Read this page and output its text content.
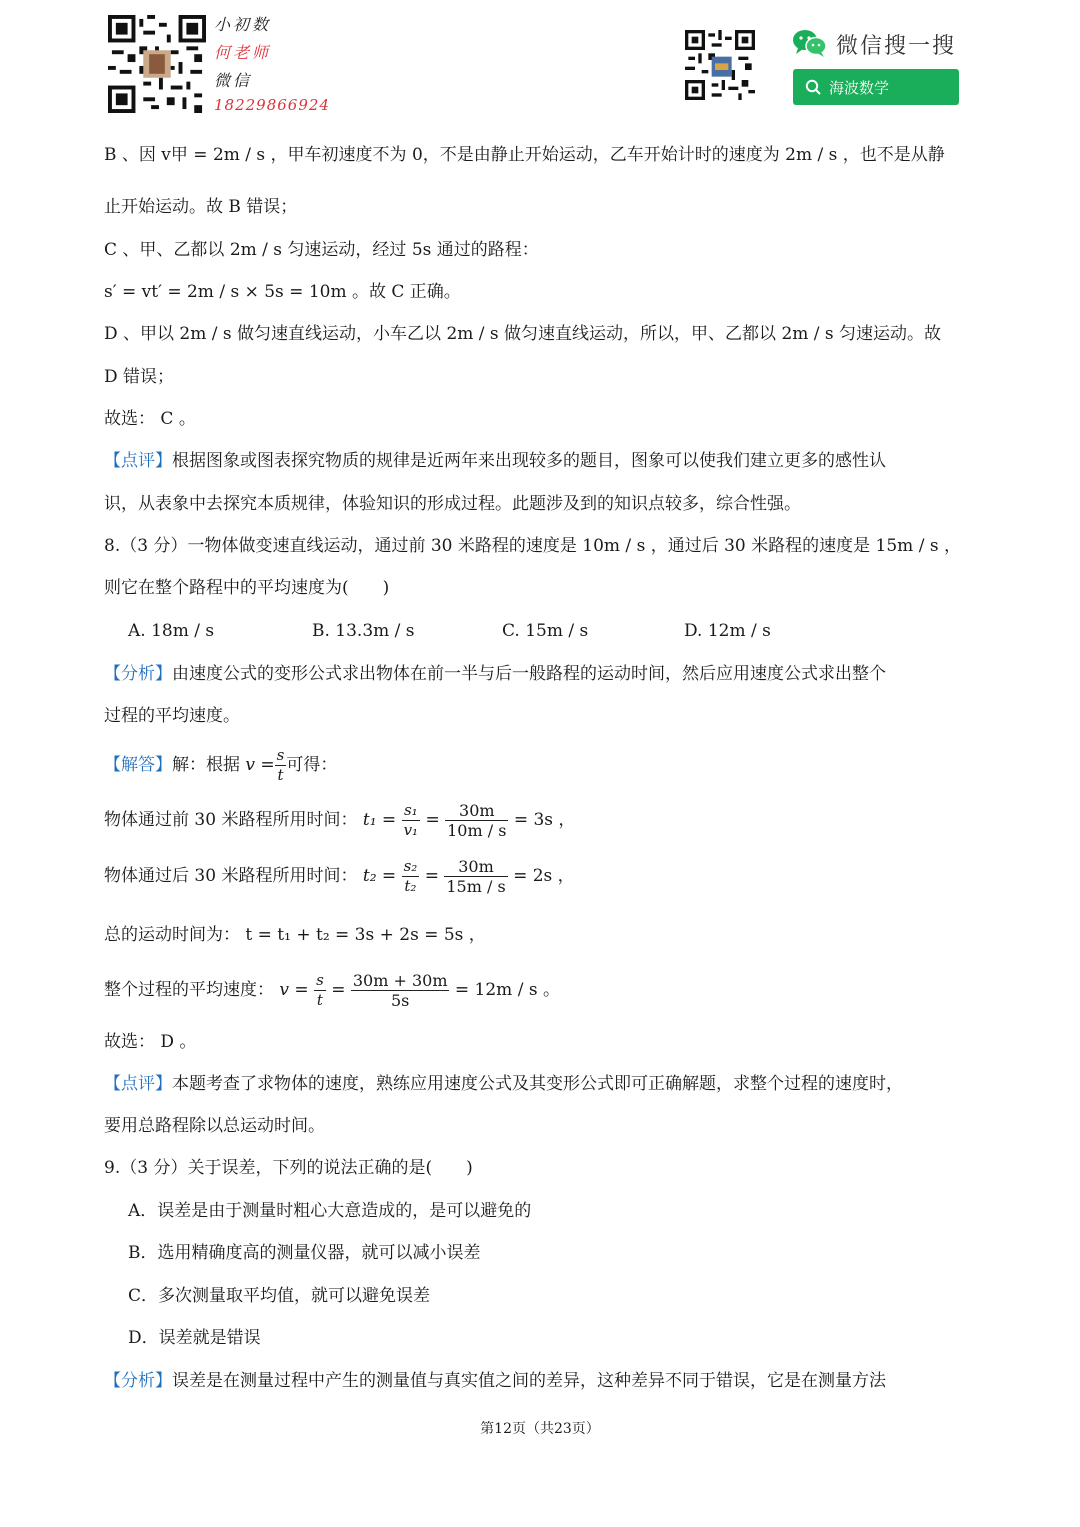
小初数
何老师
微信
18229866924
微信搜一搜
海波数学
B 、因 v甲 = 2m / s ，甲车初速度不为 0，不是由静止开始运动，乙车开始计时的速度为 2m / s ，也不是从静
止开始运动。故 B 错误；
C 、甲、乙都以 2m / s 匀速运动，经过 5s 通过的路程：
s′ = vt′ = 2m / s × 5s = 10m 。故 C 正确。
D 、甲以 2m / s 做匀速直线运动，小车乙以 2m / s 做匀速直线运动，所以，甲、乙都以 2m / s 匀速运动。故
D 错误；
故选： C 。
【点评】根据图象或图表探究物质的规律是近两年来出现较多的题目，图象可以使我们建立更多的感性认
识，从表象中去探究本质规律，体验知识的形成过程。此题涉及到的知识点较多，综合性强。
8.（3 分）一物体做变速直线运动，通过前 30 米路程的速度是 10m / s ，通过后 30 米路程的速度是 15m / s ，
则它在整个路程中的平均速度为(　　)
A. 18m / s	B. 13.3m / s	C. 15m / s	D. 12m / s
【分析】由速度公式的变形公式求出物体在前一半与后一般路程的运动时间，然后应用速度公式求出整个
过程的平均速度。
【解答】解：根据 $v = \frac{s}{t}$ 可得：
物体通过前 30 米路程所用时间： $t_1 = \frac{\text{s₁}}{\text{v₁}} = \frac{30m}{10m / s} = 3s$ ，
物体通过后 30 米路程所用时间： $t_2 = \frac{\text{s₂}}{\text{t₂}} = \frac{30m}{15m / s} = 2s$ ，
总的运动时间为： t = t₁ + t₂ = 3s + 2s = 5s ，
整个过程的平均速度： $v = \frac{s}{t} = \frac{30m + 30m}{5s} = 12m / s$ 。
故选： D 。
【点评】本题考查了求物体的速度，熟练应用速度公式及其变形公式即可正确解题，求整个过程的速度时，
要用总路程除以总运动时间。
9.（3 分）关于误差，下列的说法正确的是(　　)
A．误差是由于测量时粗心大意造成的，是可以避免的
B．选用精确度高的测量仪器，就可以减小误差
C．多次测量取平均值，就可以避免误差
D．误差就是错误
【分析】误差是在测量过程中产生的测量值与真实值之间的差异，这种差异不同于错误，它是在测量方法
第12页（共23页）
